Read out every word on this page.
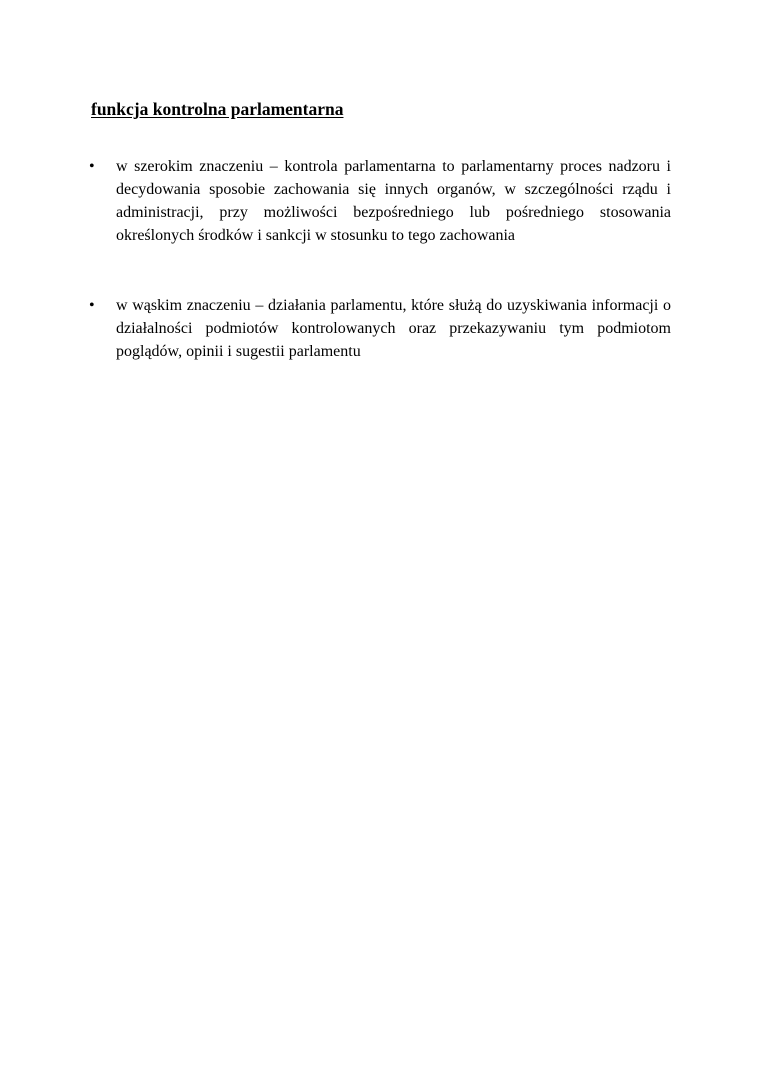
funkcja kontrolna parlamentarna
• w szerokim znaczeniu – kontrola parlamentarna to parlamentarny proces nadzoru i decydowania sposobie zachowania się innych organów, w szczególności rządu i administracji, przy możliwości bezpośredniego lub pośredniego stosowania określonych środków i sankcji w stosunku to tego zachowania
• w wąskim znaczeniu – działania parlamentu, które służą do uzyskiwania informacji o działalności podmiotów kontrolowanych oraz przekazywaniu tym podmiotom poglądów, opinii i sugestii parlamentu
